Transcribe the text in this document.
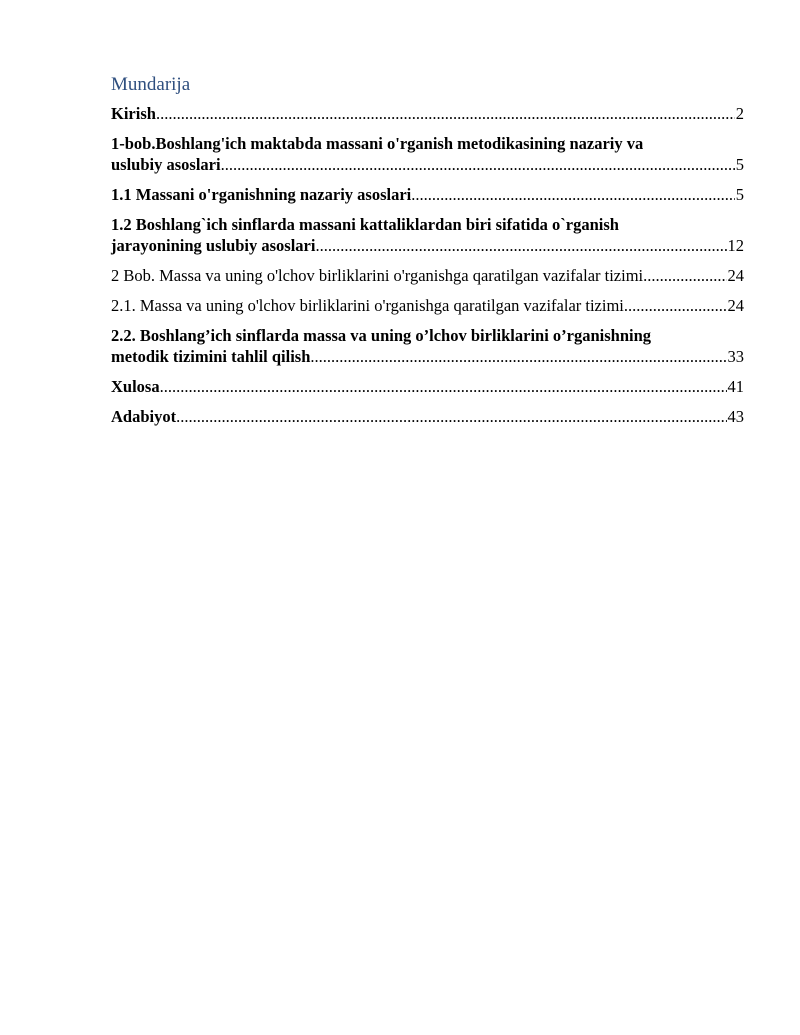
Mundarija
Kirish .....	2
1-bob.Boshlang'ich maktabda massani o'rganish metodikasining nazariy va
uslubiy asoslari .....	5
1.1 Massani o'rganishning nazariy asoslari .....	5
1.2 Boshlang`ich sinflarda massani kattaliklardan biri sifatida o`rganish
jarayonining uslubiy asoslari .....	12
2 Bob. Massa va uning o'lchov birliklarini o'rganishga qaratilgan vazifalar tizimi .....	24
2.1. Massa va uning o'lchov birliklarini o'rganishga qaratilgan vazifalar tizimi .....	24
2.2. Boshlang’ich sinflarda massa va uning o’lchov birliklarini o’rganishning
metodik tizimini tahlil qilish .....	33
Xulosa .....	41
Adabiyot .....	43
